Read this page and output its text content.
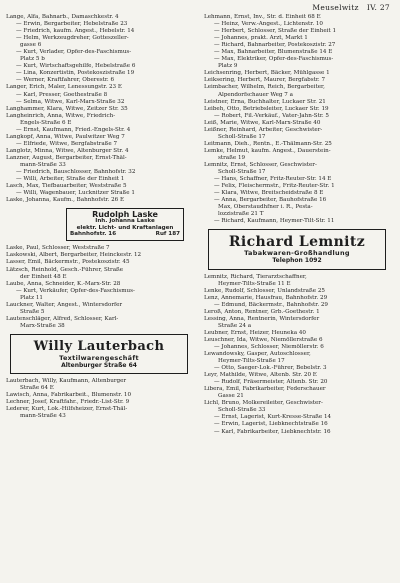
Meuselwitz IV. 27
Lange, Alfa, Bahnarb., Damaschkestr. 4
— Erwin, Bergarbeiter, Hebelstraße 23
— Friedrich, kaufm. Angest., Hebelstr. 14
— Helm, Werkzeugdreher, Gotteszeller-
gasse 6
— Kurt, Verlader, Opfer-des-Faschismus-
Platz 5 b
— Kurt, Wirtschaftsgehilfe, Hebelstraße 6
— Lina, Konzertistin, Postekoszistraße 19
— Werner, Kraftfahrer, Oberestr. 6
Langer, Erich, Maler, Lenessungstr. 23 E
— Karl, Presser, Goethestraße 8
— Selma, Witwe, Karl-Marx-Straße 32
Langhammer, Klara, Witwe, Zeitzer Str. 35
Langheinrich, Anna, Witwe, Friedrich-
Engels-Straße 6 E
— Ernst, Kaufmann, Fried.-Engels-Str. 4
Langkopf, Anna, Witwe, Paulwitzer Weg 7
— Elfriede, Witwe, Bergfabstraße 7
Langlotz, Minna, Witwe, Altenburger Str. 4
Lanzner, August, Bergarbeiter, Ernst-Thäl-
mann-Straße 33
— Friedrich, Bauschlosser, Bahnhofstr. 32
— Willi, Arbeiter, Straße der Einheit 1
Lasch, Max, Tiefbauarbeiter, Weststraße 5
— Willi, Wagenbauer, Lucknitzer Straße 1
Laske, Johanna, Kaufm., Bahnhofstr. 26 E
Rudolph Laske
Inh. Johanna Laske
elektr. Licht- und Kraftanlagen
Bahnhofstr. 16	Ruf 187
Laske, Paul, Schlosser, Weststraße 7
Laskowski, Albert, Bergarbeiter, Heinckestr. 12
Lasser, Emil, Bäckermstr., Postekoszistr. 45
Lätzsch, Reinhold, Gesch.-Führer, Straße
der Einheit 48 E
Laube, Anna, Schneider, K.-Marx-Str. 28
— Kurt, Verkäufer, Opfer-des-Faschismus-
Platz 11
Lauckner, Walter, Angest., Wintersdorfer
Straße 5
Lautenschläger, Alfred, Schlosser, Karl-
Marx-Straße 38
Willy Lauterbach
Textilwarengeschäft
Altenburger Straße 64
Lauterbach, Willy, Kaufmann, Altenburger
Straße 64 E
Lawisch, Anna, Fabrikarbeit., Blumenstr. 10
Lechner, Josef, Kraftfahr., Friedr.-List-Str. 9
Lederer, Kurt, Lok.-Hilfsheizer, Ernst-Thäl-
mann-Straße 43
Lehmann, Ernst, Inv., Str. d. Einheit 68 E
— Heinz, Verw.-Angest., Lichtenstr. 10
— Herbert, Schlosser, Straße der Einheit 1
— Johannes, prakt. Arzt, Markt 1
— Richard, Bahnarbeiter, Postekoszistr. 27
— Max, Bahnarbeiter, Blumenstraße 14 E
— Max, Elektriker, Opfer-des-Faschismus-
Platz 9
Leichsenring, Herbert, Bäcker, Mühlgasse 1
Leiksering, Herbert, Maurer, Bergfabstr. 7
Leimbacher, Wilhelm, Reich, Bergarbeiter,
Alpendorfschauer Weg 7 a
Leistner, Erna, Buchhalter, Luckaer Str. 21
Leibeh, Otto, Betriebsleiter, Luckaer Str. 19
— Robert, Fil.-Verkäuf., Vater-Jahn-Str. 5
Leiß, Marie, Witwe, Karl-Marx-Straße 40
Leißner, Reinhard, Arbeiter, Geschwister-
Scholl-Straße 17
Leitmann, Dieh., Rentn., E.-Thälmann-Str. 25
Lemke, Helmut, kaufm. Angest., Dauerstein-
straße 19
Lemnitz, Ernst, Schlosser, Geschwister-
Scholl-Straße 17
— Hans, Schaffner, Fritz-Reuter-Str. 14 E
— Felix, Fleischermstr., Fritz-Reuter-Str. 1
— Klara, Witwe, Breitscheidstraße 8 E
— Anna, Bergarbeiter, Bauhofstraße 16
Max, Oberstaudhfner i. R., Pesta-
lozzistraße 21 T
— Richard, Kaufmann, Heymer-Tilt-Str. 11
Richard Lemnitz
Tabakwaren-Großhandlung
Telephon 1092
Lemnitz, Richard, Tierarztschaffner,
Heymer-Tilts-Straße 11 E
Lenke, Rudolf, Schlosser, Unlandstraße 25
Lenz, Annemarie, Hausfrau, Bahnhofstr. 29
— Edmund, Bäckermstr., Bahnhofstr. 29
Leroß, Anton, Rentner, Grb.-Goethestr. 1
Lessing, Anna, Rentnerin, Wintersdorfer
Straße 24 a
Leubner, Ernst, Heizer, Heuneka 40
Leuschner, Ida, Witwe, Niemöllerstraße 6
— Johannes, Schlosser, Niemöllerstr. 6
Lewandowsky, Gasper, Autoschlosser,
Heymer-Tilts-Straße 17
— Otto, Saeger-Lok.-Führer, Bebelstr. 3
Leyr, Mathilde, Witwe, Altenb. Str. 20 E
— Rudolf, Fräsermeister, Altenb. Str. 20
Libera, Emil, Fabrikarbeiter, Federschauer
Gasse 21
Lichl, Bruno, Molkereileiter, Geschwister-
Scholl-Straße 33
— Ernst, Lagerist, Kurt-Kresse-Straße 14
— Erwin, Lagerist, Liebknechtstraße 16
— Karl, Fabrikarbeiter, Liebknechtstr. 16
